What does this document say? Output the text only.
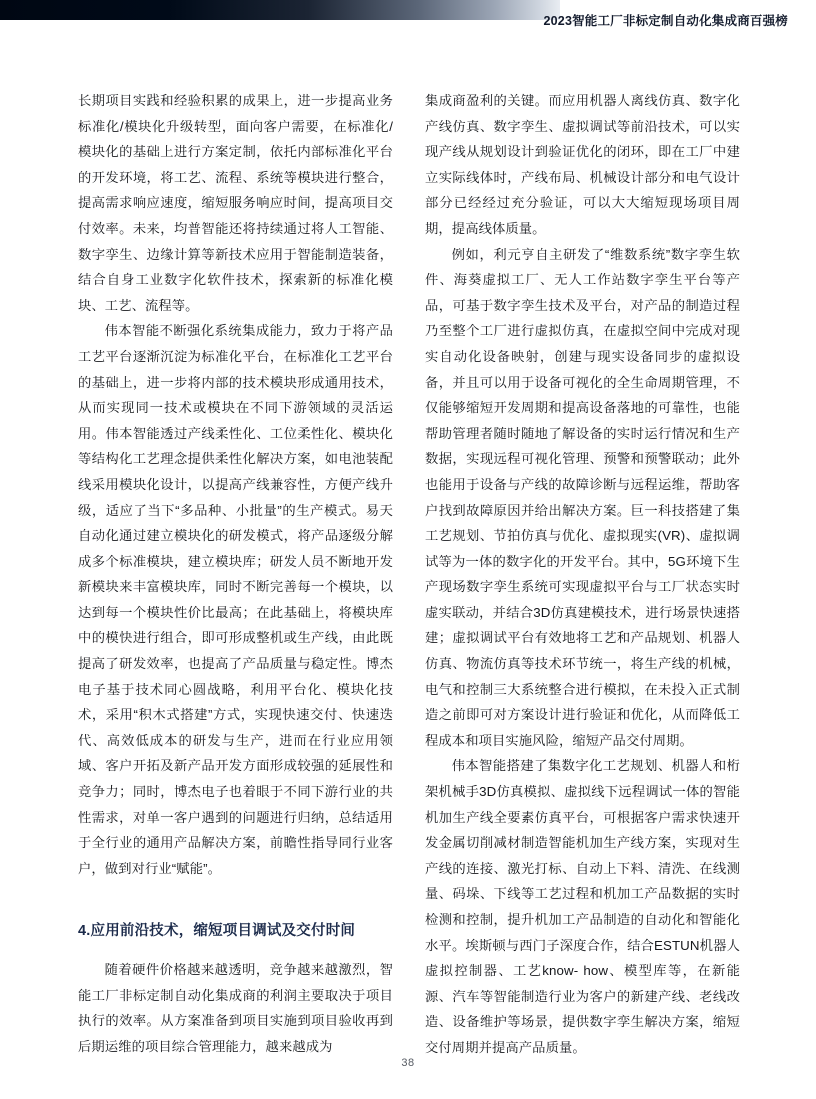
2023智能工厂非标定制自动化集成商百强榜

长期项目实践和经验积累的成果上，进一步提高业务标准化/模块化升级转型，面向客户需要，在标准化/模块化的基础上进行方案定制，依托内部标准化平台的开发环境，将工艺、流程、系统等模块进行整合，提高需求响应速度，缩短服务响应时间，提高项目交付效率。未来，均普智能还将持续通过将人工智能、数字孪生、边缘计算等新技术应用于智能制造装备，结合自身工业数字化软件技术，探索新的标准化模块、工艺、流程等。

伟本智能不断强化系统集成能力，致力于将产品工艺平台逐渐沉淀为标准化平台，在标准化工艺平台的基础上，进一步将内部的技术模块形成通用技术，从而实现同一技术或模块在不同下游领域的灵活运用。伟本智能透过产线柔性化、工位柔性化、模块化等结构化工艺理念提供柔性化解决方案，如电池装配线采用模块化设计，以提高产线兼容性，方便产线升级，适应了当下“多品种、小批量”的生产模式。易天自动化通过建立模块化的研发模式，将产品逐级分解成多个标准模块，建立模块库；研发人员不断地开发新模块来丰富模块库，同时不断完善每一个模块，以达到每一个模块性价比最高；在此基础上，将模块库中的模快进行组合，即可形成整机或生产线，由此既提高了研发效率，也提高了产品质量与稳定性。博杰电子基于技术同心圆战略，利用平台化、模块化技术，采用“积木式搭建”方式，实现快速交付、快速迭代、高效低成本的研发与生产，进而在行业应用领域、客户开拓及新产品开发方面形成较强的延展性和竞争力；同时，博杰电子也着眼于不同下游行业的共性需求，对单一客户遇到的问题进行归纳，总结适用于全行业的通用产品解决方案，前瞻性指导同行业客户，做到对行业“赋能”。

4.应用前沿技术，缩短项目调试及交付时间

随着硬件价格越来越透明，竞争越来越激烈，智能工厂非标定制自动化集成商的利润主要取决于项目执行的效率。从方案准备到项目实施到项目验收再到后期运维的项目综合管理能力，越来越成为

集成商盈利的关键。而应用机器人离线仿真、数字化产线仿真、数字孪生、虚拟调试等前沿技术，可以实现产线从规划设计到验证优化的闭环，即在工厂中建立实际线体时，产线布局、机械设计部分和电气设计部分已经经过充分验证，可以大大缩短现场项目周期，提高线体质量。

例如，利元亨自主研发了“维数系统”数字孪生软件、海葵虚拟工厂、无人工作站数字孪生平台等产品，可基于数字孪生技术及平台，对产品的制造过程乃至整个工厂进行虚拟仿真，在虚拟空间中完成对现实自动化设备映射，创建与现实设备同步的虚拟设备，并且可以用于设备可视化的全生命周期管理，不仅能够缩短开发周期和提高设备落地的可靠性，也能帮助管理者随时随地了解设备的实时运行情况和生产数据，实现远程可视化管理、预警和预警联动；此外也能用于设备与产线的故障诊断与远程运维，帮助客户找到故障原因并给出解决方案。巨一科技搭建了集工艺规划、节拍仿真与优化、虚拟现实(VR)、虚拟调试等为一体的数字化的开发平台。其中，5G环境下生产现场数字孪生系统可实现虚拟平台与工厂状态实时虚实联动，并结合3D仿真建模技术，进行场景快速搭建；虚拟调试平台有效地将工艺和产品规划、机器人仿真、物流仿真等技术环节统一，将生产线的机械，电气和控制三大系统整合进行模拟，在未投入正式制造之前即可对方案设计进行验证和优化，从而降低工程成本和项目实施风险，缩短产品交付周期。

伟本智能搭建了集数字化工艺规划、机器人和桁架机械手3D仿真模拟、虚拟线下远程调试一体的智能机加生产线全要素仿真平台，可根据客户需求快速开发金属切削减材制造智能机加生产线方案，实现对生产线的连接、激光打标、自动上下料、清洗、在线测量、码垛、下线等工艺过程和机加工产品数据的实时检测和控制，提升机加工产品制造的自动化和智能化水平。埃斯顿与西门子深度合作，结合ESTUN机器人虚拟控制器、工艺know- how、模型库等，在新能源、汽车等智能制造行业为客户的新建产线、老线改造、设备维护等场景，提供数字孪生解决方案，缩短交付周期并提高产品质量。

38
